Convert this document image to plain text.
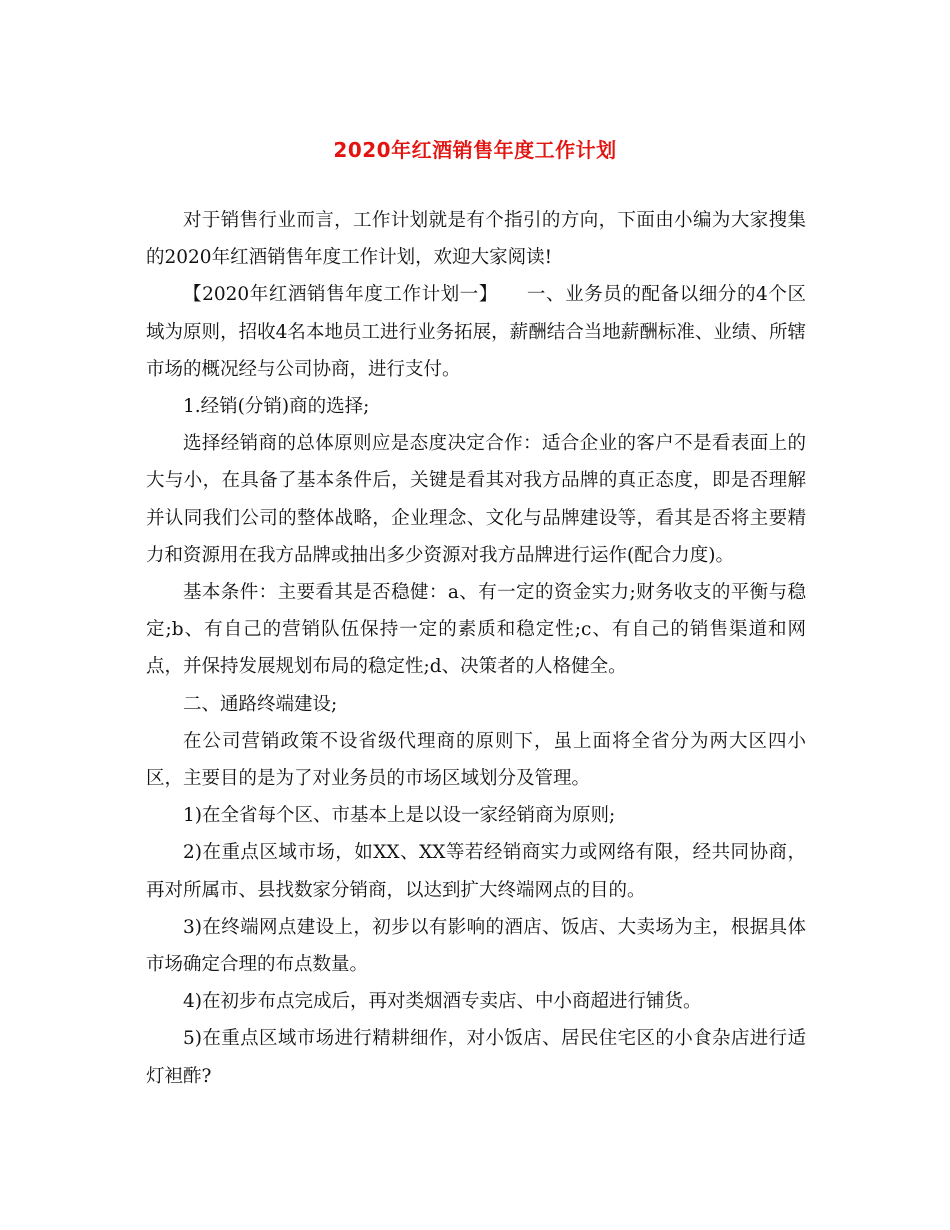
2020年红酒销售年度工作计划

对于销售行业而言，工作计划就是有个指引的方向，下面由小编为大家搜集的2020年红酒销售年度工作计划，欢迎大家阅读!

【2020年红酒销售年度工作计划一】　　一、业务员的配备以细分的4个区域为原则，招收4名本地员工进行业务拓展，薪酬结合当地薪酬标准、业绩、所辖市场的概况经与公司协商，进行支付。

1.经销(分销)商的选择;

选择经销商的总体原则应是态度决定合作：适合企业的客户不是看表面上的大与小，在具备了基本条件后，关键是看其对我方品牌的真正态度，即是否理解并认同我们公司的整体战略，企业理念、文化与品牌建设等，看其是否将主要精力和资源用在我方品牌或抽出多少资源对我方品牌进行运作(配合力度)。

基本条件：主要看其是否稳健：a、有一定的资金实力;财务收支的平衡与稳定;b、有自己的营销队伍保持一定的素质和稳定性;c、有自己的销售渠道和网点，并保持发展规划布局的稳定性;d、决策者的人格健全。

二、通路终端建设;

在公司营销政策不设省级代理商的原则下，虽上面将全省分为两大区四小区，主要目的是为了对业务员的市场区域划分及管理。

1)在全省每个区、市基本上是以设一家经销商为原则;

2)在重点区域市场，如XX、XX等若经销商实力或网络有限，经共同协商，再对所属市、县找数家分销商，以达到扩大终端网点的目的。

3)在终端网点建设上，初步以有影响的酒店、饭店、大卖场为主，根据具体市场确定合理的布点数量。

4)在初步布点完成后，再对类烟酒专卖店、中小商超进行铺货。

5)在重点区域市场进行精耕细作，对小饭店、居民住宅区的小食杂店进行适灯袒酢?
